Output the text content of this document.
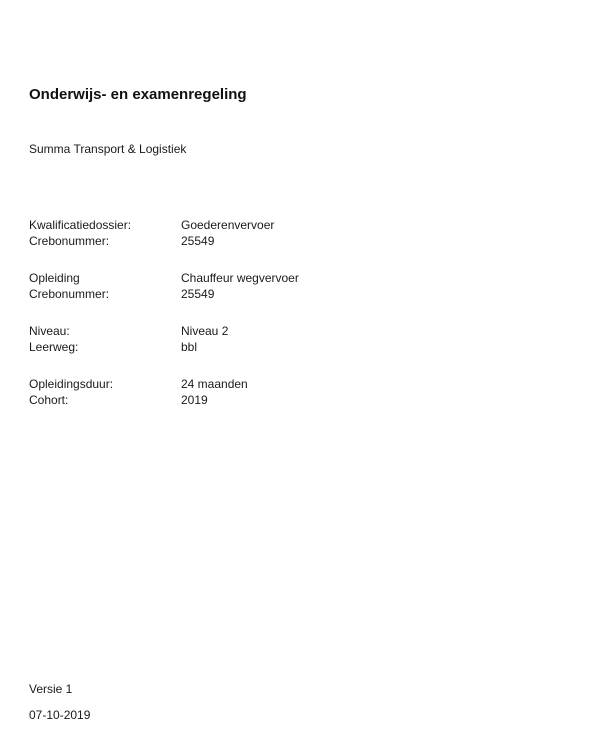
Onderwijs- en examenregeling
Summa Transport & Logistiek
Kwalificatiedossier:	Goederenvervoer
Crebonummer:	25549
Opleiding	Chauffeur wegvervoer
Crebonummer:	25549
Niveau:	Niveau 2
Leerweg:	bbl
Opleidingsduur:	24 maanden
Cohort:	2019
Versie 1
07-10-2019
